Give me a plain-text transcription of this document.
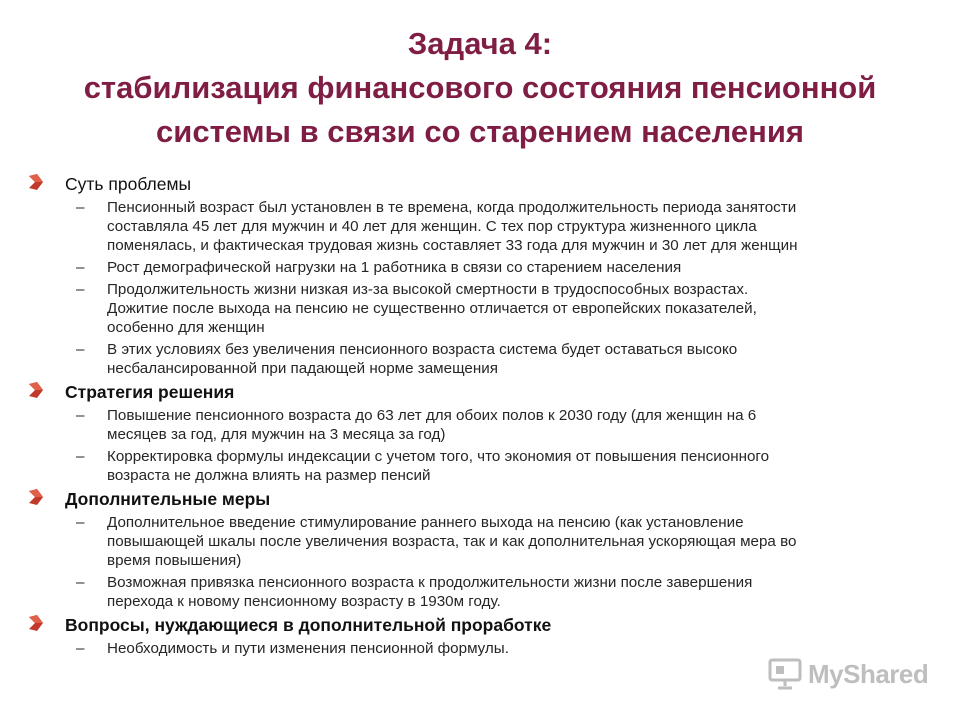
Задача 4:
стабилизация финансового состояния пенсионной
системы в связи со старением населения
Суть проблемы
– Пенсионный возраст был установлен в те времена, когда продолжительность периода занятости
составляла 45 лет для мужчин и 40 лет для женщин. С тех пор структура жизненного цикла
поменялась, и фактическая трудовая жизнь составляет 33 года для мужчин и 30 лет для женщин
– Рост демографической нагрузки на 1 работника в связи со старением населения
– Продолжительность жизни низкая из-за высокой смертности в трудоспособных возрастах.
Дожитие после выхода на пенсию не существенно отличается от европейских показателей,
особенно для женщин
– В этих условиях без увеличения пенсионного возраста система будет оставаться высоко
несбалансированной при падающей норме замещения
Стратегия решения
– Повышение пенсионного возраста до 63 лет для обоих полов к 2030 году (для женщин на 6
месяцев за год, для мужчин на 3 месяца за год)
– Корректировка формулы индексации с учетом того, что экономия от повышения пенсионного
возраста не должна влиять на размер пенсий
Дополнительные меры
– Дополнительное введение стимулирование раннего выхода на пенсию (как установление
повышающей шкалы после увеличения возраста, так и как дополнительная ускоряющая мера во
время повышения)
– Возможная привязка пенсионного возраста к продолжительности жизни после завершения
перехода к новому пенсионному возрасту в 1930м году.
Вопросы, нуждающиеся в дополнительной проработке
– Необходимость и пути изменения пенсионной формулы.
MyShared
